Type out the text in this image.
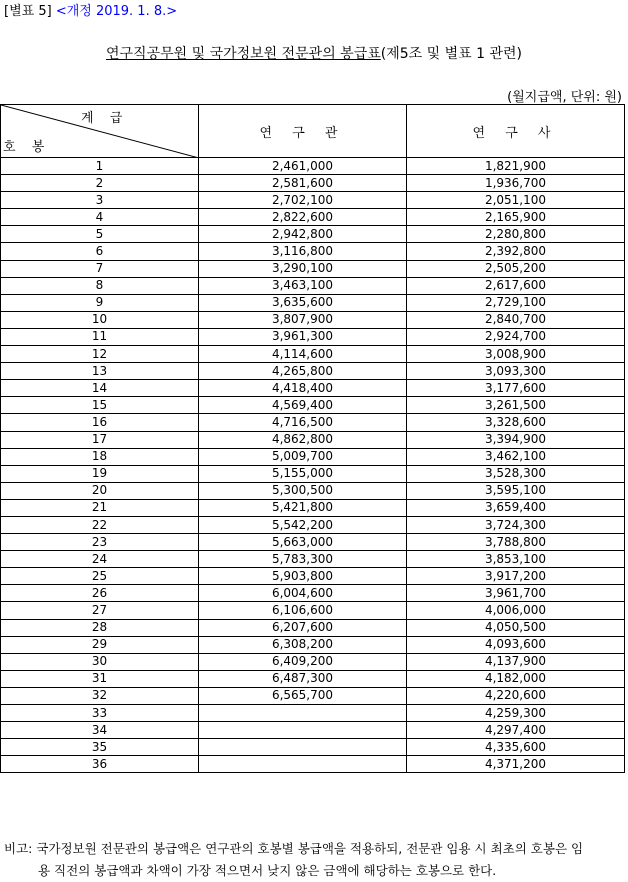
[별표 5] <개정 2019. 1. 8.>
연구직공무원 및 국가정보원 전문관의 봉급표(제5조 및 별표 1 관련)
(월지급액, 단위: 원)
계 급
호 봉	연 구 관	연 구 사
1	2,461,000	1,821,900
2	2,581,600	1,936,700
3	2,702,100	2,051,100
4	2,822,600	2,165,900
5	2,942,800	2,280,800
6	3,116,800	2,392,800
7	3,290,100	2,505,200
8	3,463,100	2,617,600
9	3,635,600	2,729,100
10	3,807,900	2,840,700
11	3,961,300	2,924,700
12	4,114,600	3,008,900
13	4,265,800	3,093,300
14	4,418,400	3,177,600
15	4,569,400	3,261,500
16	4,716,500	3,328,600
17	4,862,800	3,394,900
18	5,009,700	3,462,100
19	5,155,000	3,528,300
20	5,300,500	3,595,100
21	5,421,800	3,659,400
22	5,542,200	3,724,300
23	5,663,000	3,788,800
24	5,783,300	3,853,100
25	5,903,800	3,917,200
26	6,004,600	3,961,700
27	6,106,600	4,006,000
28	6,207,600	4,050,500
29	6,308,200	4,093,600
30	6,409,200	4,137,900
31	6,487,300	4,182,000
32	6,565,700	4,220,600
33		4,259,300
34		4,297,400
35		4,335,600
36		4,371,200
비고: 국가정보원 전문관의 봉급액은 연구관의 호봉별 봉급액을 적용하되, 전문관 임용 시 최초의 호봉은 임
용 직전의 봉급액과 차액이 가장 적으면서 낮지 않은 금액에 해당하는 호봉으로 한다.
